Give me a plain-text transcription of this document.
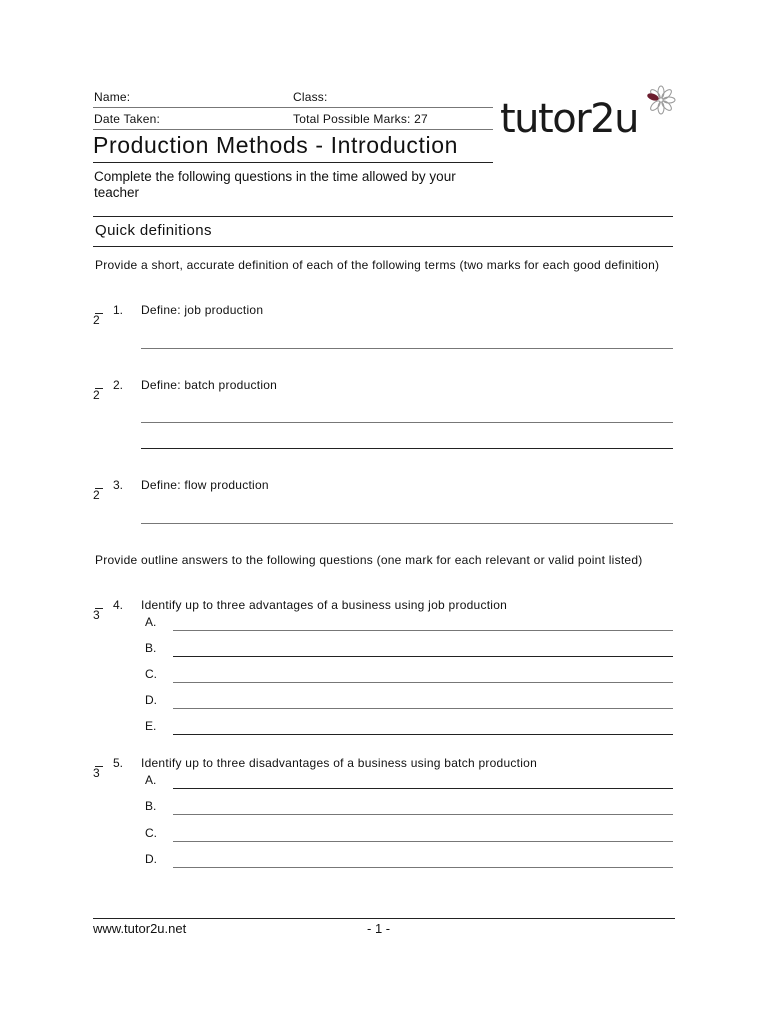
Name:	Class:
Date Taken:	Total Possible Marks: 27 tutor2u
Production Methods - Introduction
Complete the following questions in the time allowed by your teacher
Quick definitions
Provide a short, accurate definition of each of the following terms (two marks for each good definition)
2
1. Define: job production
2
2. Define: batch production
2
3. Define: flow production
Provide outline answers to the following questions (one mark for each relevant or valid point listed)
3
4. Identify up to three advantages of a business using job production
A.
B.
C.
D.
E.
3
5. Identify up to three disadvantages of a business using batch production
A.
B.
C.
D.
www.tutor2u.net	- 1 -
